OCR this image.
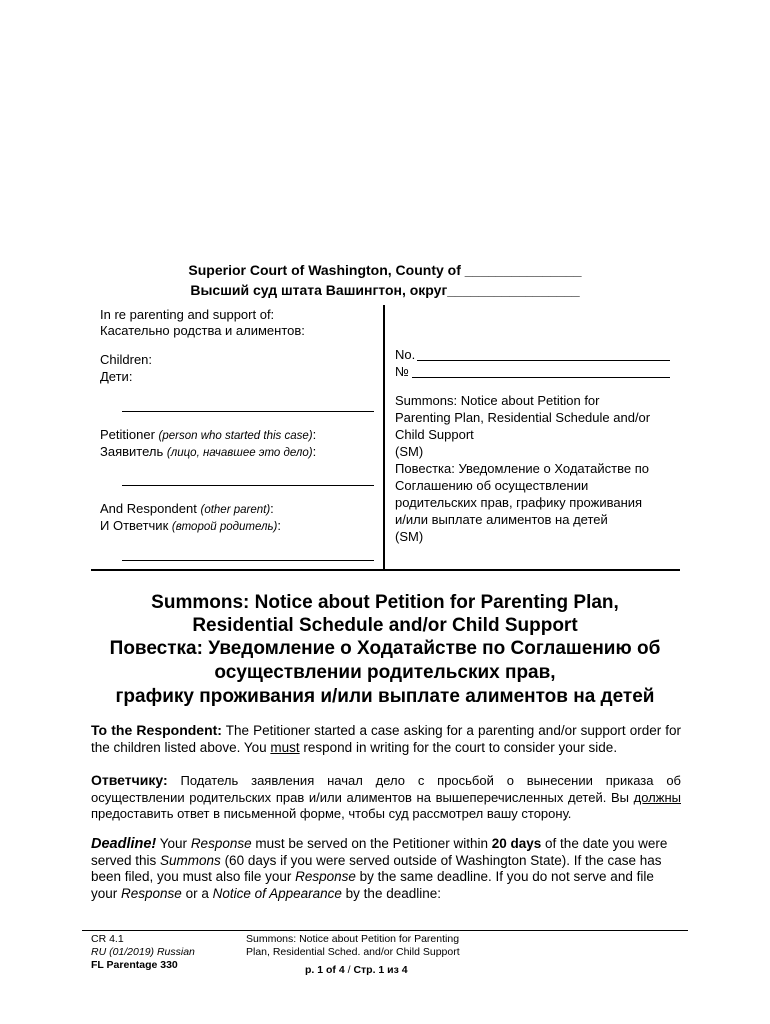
Superior Court of Washington, County of _______________
Высший суд штата Вашингтон, округ_________________
In re parenting and support of:
Касательно родства и алиментов:
Children:
Дети:
Petitioner (person who started this case):
Заявитель (лицо, начавшее это дело):
And Respondent (other parent):
И Ответчик (второй родитель):
No.
№
Summons: Notice about Petition for
Parenting Plan, Residential Schedule and/or
Child Support
(SM)
Повестка: Уведомление о Ходатайстве по
Соглашению об осуществлении
родительских прав, графику проживания
и/или выплате алиментов на детей
(SM)
Summons: Notice about Petition for Parenting Plan,
Residential Schedule and/or Child Support
Повестка: Уведомление о Ходатайстве по Соглашению об
осуществлении родительских прав,
графику проживания и/или выплате алиментов на детей
To the Respondent: The Petitioner started a case asking for a parenting and/or support order for the children listed above. You must respond in writing for the court to consider your side.
Ответчику: Податель заявления начал дело с просьбой о вынесении приказа об осуществлении родительских прав и/или алиментов на вышеперечисленных детей. Вы должны предоставить ответ в письменной форме, чтобы суд рассмотрел вашу сторону.
Deadline! Your Response must be served on the Petitioner within 20 days of the date you were served this Summons (60 days if you were served outside of Washington State). If the case has been filed, you must also file your Response by the same deadline. If you do not serve and file your Response or a Notice of Appearance by the deadline:
CR 4.1
RU (01/2019) Russian
FL Parentage 330
Summons: Notice about Petition for Parenting
Plan, Residential Sched. and/or Child Support
p. 1 of 4 / Стр. 1 из 4
